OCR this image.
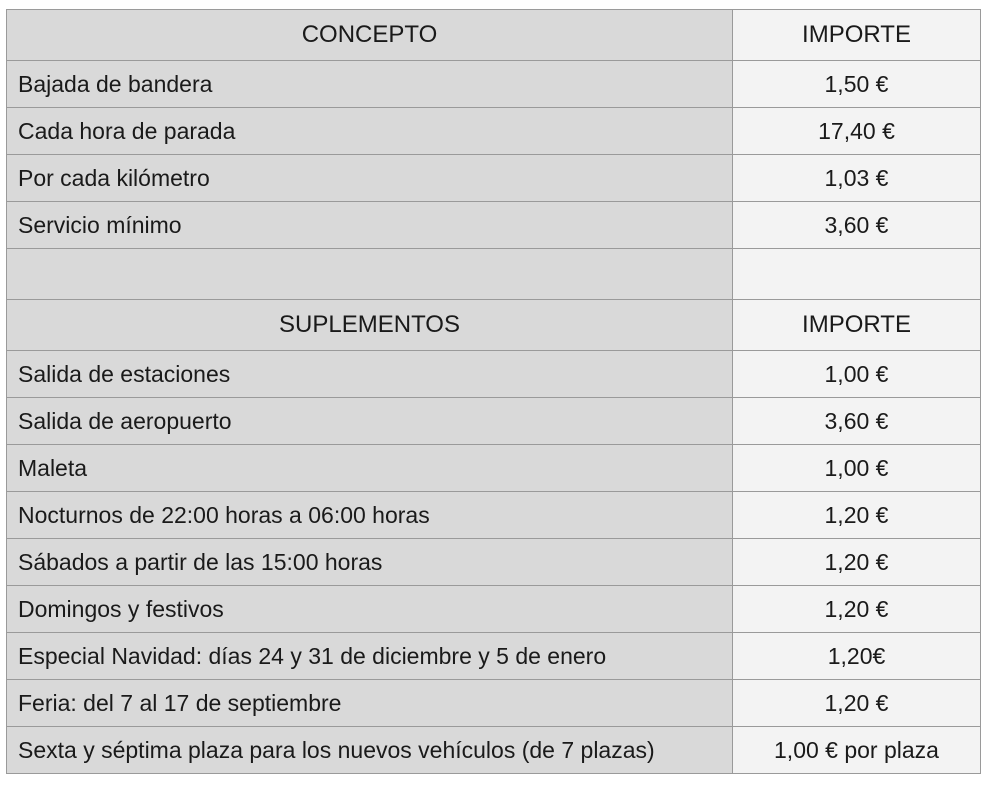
CONCEPTO	IMPORTE
Bajada de bandera	1,50 €
Cada hora de parada	17,40 €
Por cada kilómetro	1,03 €
Servicio mínimo	3,60 €

SUPLEMENTOS	IMPORTE
Salida de estaciones	1,00 €
Salida de aeropuerto	3,60 €
Maleta	1,00 €
Nocturnos de 22:00 horas a 06:00 horas	1,20 €
Sábados a partir de las 15:00 horas	1,20 €
Domingos y festivos	1,20 €
Especial Navidad: días 24 y 31 de diciembre y 5 de enero	1,20€
Feria: del 7 al 17 de septiembre	1,20 €
Sexta y séptima plaza para los nuevos vehículos (de 7 plazas)	1,00 € por plaza
